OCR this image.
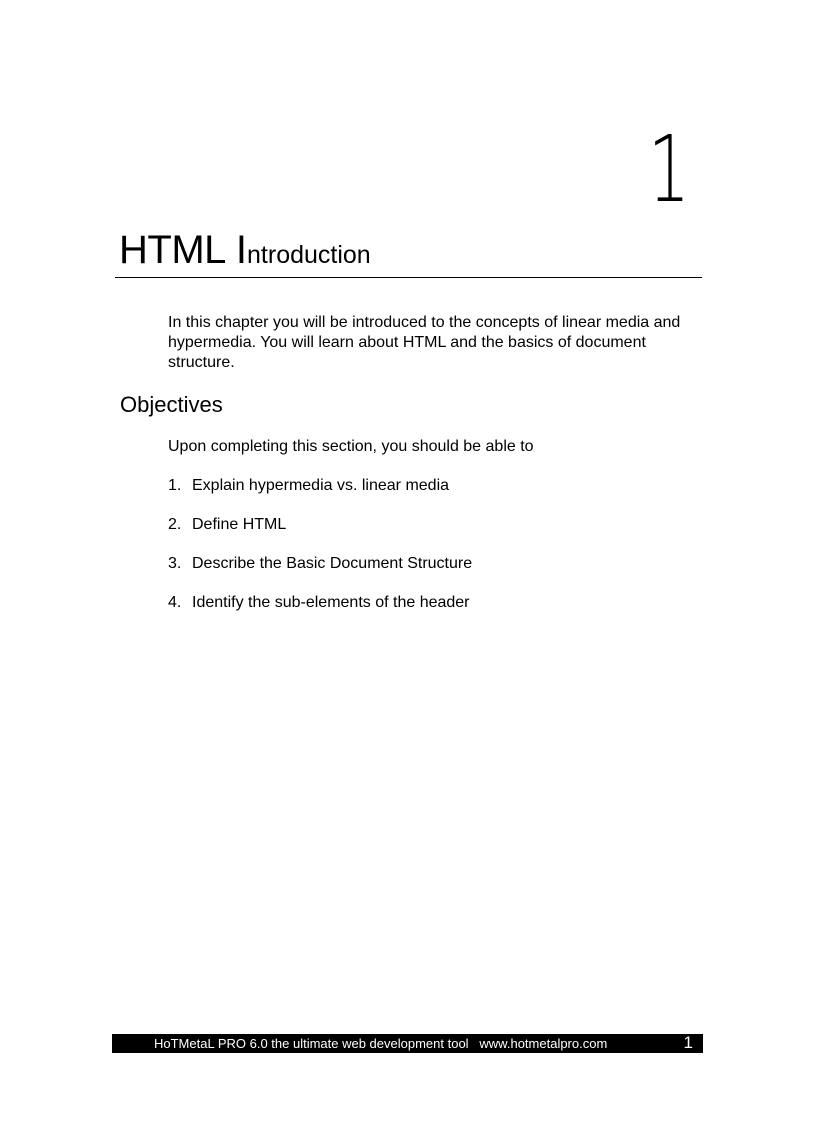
1
HTML Introduction

In this chapter you will be introduced to the concepts of linear media and hypermedia. You will learn about HTML and the basics of document structure.

Objectives

Upon completing this section, you should be able to

1. Explain hypermedia vs. linear media
2. Define HTML
3. Describe the Basic Document Structure
4. Identify the sub-elements of the header
HoTMetaL PRO 6.0 the ultimate web development tool   www.hotmetalpro.com	1
